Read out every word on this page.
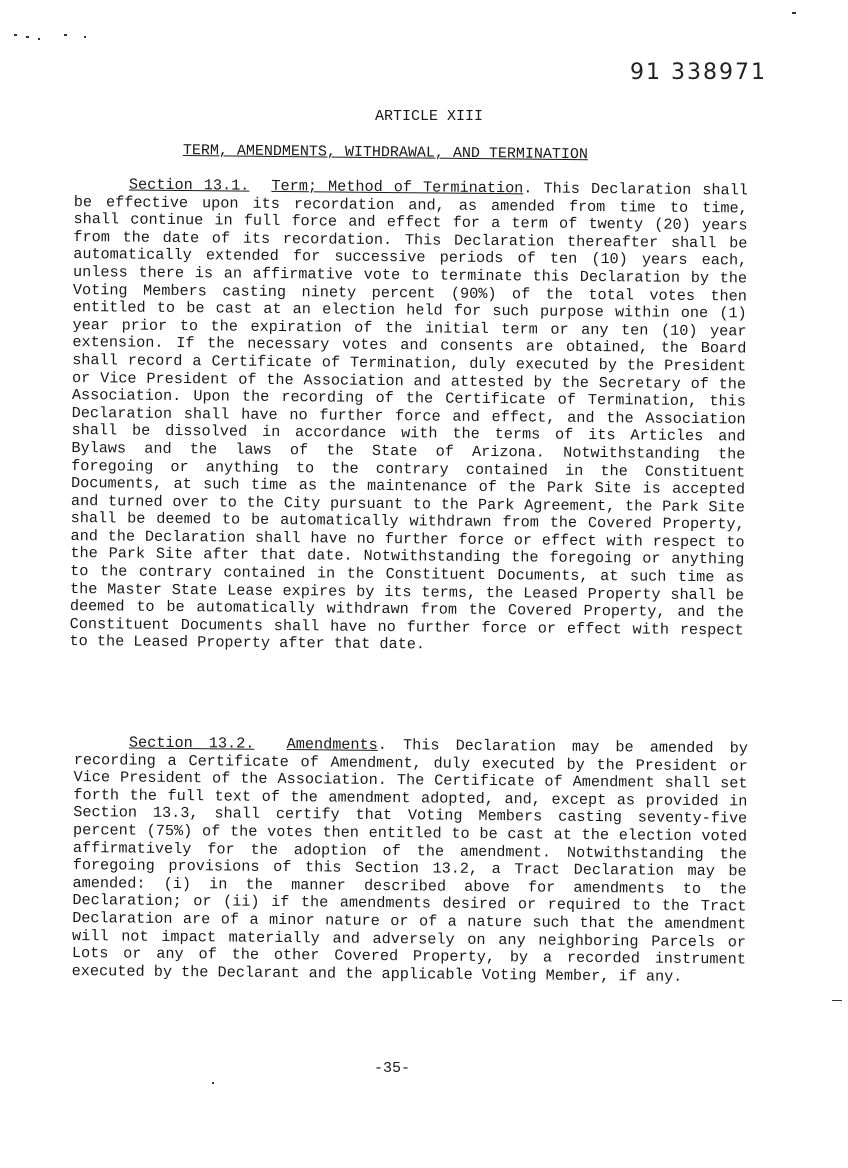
91 338971
ARTICLE XIII
TERM, AMENDMENTS, WITHDRAWAL, AND TERMINATION

Section 13.1. Term; Method of Termination. This Declaration shall be effective upon its recordation and, as amended from time to time, shall continue in full force and effect for a term of twenty (20) years from the date of its recordation. This Declaration thereafter shall be automatically extended for successive periods of ten (10) years each, unless there is an affirmative vote to terminate this Declaration by the Voting Members casting ninety percent (90%) of the total votes then entitled to be cast at an election held for such purpose within one (1) year prior to the expiration of the initial term or any ten (10) year extension. If the necessary votes and consents are obtained, the Board shall record a Certificate of Termination, duly executed by the President or Vice President of the Association and attested by the Secretary of the Association. Upon the recording of the Certificate of Termination, this Declaration shall have no further force and effect, and the Association shall be dissolved in accordance with the terms of its Articles and Bylaws and the laws of the State of Arizona. Notwithstanding the foregoing or anything to the contrary contained in the Constituent Documents, at such time as the maintenance of the Park Site is accepted and turned over to the City pursuant to the Park Agreement, the Park Site shall be deemed to be automatically withdrawn from the Covered Property, and the Declaration shall have no further force or effect with respect to the Park Site after that date. Notwithstanding the foregoing or anything to the contrary contained in the Constituent Documents, at such time as the Master State Lease expires by its terms, the Leased Property shall be deemed to be automatically withdrawn from the Covered Property, and the Constituent Documents shall have no further force or effect with respect to the Leased Property after that date.

Section 13.2. Amendments. This Declaration may be amended by recording a Certificate of Amendment, duly executed by the President or Vice President of the Association. The Certificate of Amendment shall set forth the full text of the amendment adopted, and, except as provided in Section 13.3, shall certify that Voting Members casting seventy-five percent (75%) of the votes then entitled to be cast at the election voted affirmatively for the adoption of the amendment. Notwithstanding the foregoing provisions of this Section 13.2, a Tract Declaration may be amended: (i) in the manner described above for amendments to the Declaration; or (ii) if the amendments desired or required to the Tract Declaration are of a minor nature or of a nature such that the amendment will not impact materially and adversely on any neighboring Parcels or Lots or any of the other Covered Property, by a recorded instrument executed by the Declarant and the applicable Voting Member, if any.

-35-
